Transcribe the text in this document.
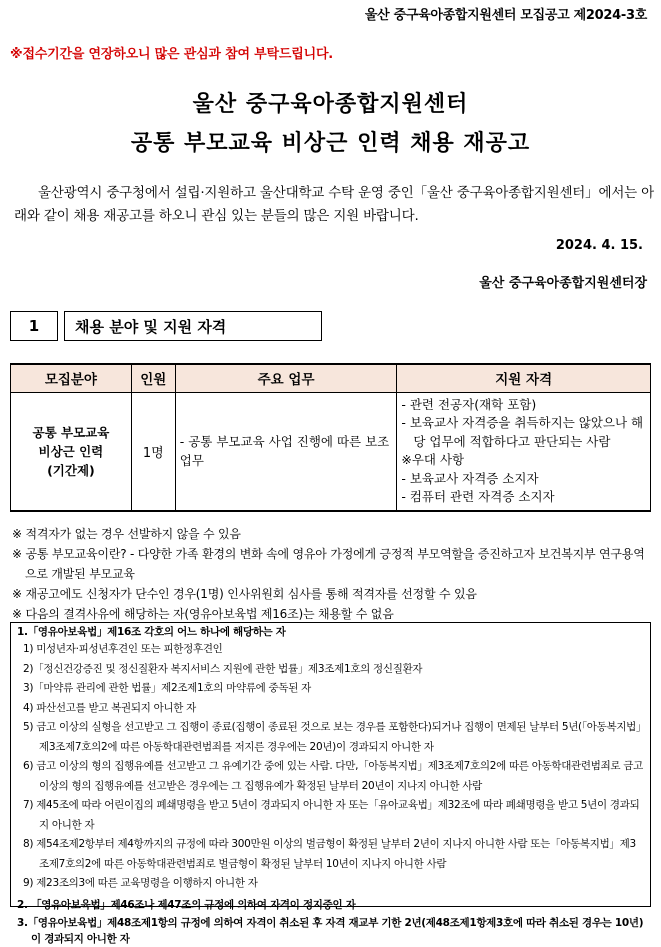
울산 중구육아종합지원센터 모집공고 제2024-3호
※접수기간을 연장하오니 많은 관심과 참여 부탁드립니다.
울산 중구육아종합지원센터
공통 부모교육 비상근 인력 채용 재공고
울산광역시 중구청에서 설립·지원하고 울산대학교 수탁 운영 중인「울산 중구육아종합지원센터」에서는 아래와 같이 채용 재공고를 하오니 관심 있는 분들의 많은 지원 바랍니다.
2024. 4. 15.
울산 중구육아종합지원센터장
1	채용 분야 및 지원 자격
모집분야	인원	주요 업무	지원 자격

공통 부모교육
비상근 인력
(기간제)	1명	- 공통 부모교육 사업 진행에 따른 보조 업무	- 관련 전공자(재학 포함)
- 보육교사 자격증을 취득하지는 않았으나 해당 업무에 적합하다고 판단되는 사람
※우대 사항
- 보육교사 자격증 소지자
- 컴퓨터 관련 자격증 소지자
※ 적격자가 없는 경우 선발하지 않을 수 있음
※ 공통 부모교육이란? - 다양한 가족 환경의 변화 속에 영유아 가정에게 긍정적 부모역할을 증진하고자 보건복지부 연구용역으로 개발된 부모교육
※ 재공고에도 신청자가 단수인 경우(1명) 인사위원회 심사를 통해 적격자를 선정할 수 있음
※ 다음의 결격사유에 해당하는 자(영유아보육법 제16조)는 채용할 수 없음
1.「영유아보육법」제16조 각호의 어느 하나에 해당하는 자
1) 미성년자·피성년후견인 또는 피한정후견인
2)「정신건강증진 및 정신질환자 복지서비스 지원에 관한 법률」제3조제1호의 정신질환자
3)「마약류 관리에 관한 법률」제2조제1호의 마약류에 중독된 자
4) 파산선고를 받고 복권되지 아니한 자
5) 금고 이상의 실형을 선고받고 그 집행이 종료(집행이 종료된 것으로 보는 경우를 포함한다)되거나 집행이 면제된 날부터 5년(「아동복지법」제3조제7호의2에 따른 아동학대관련범죄를 저지른 경우에는 20년)이 경과되지 아니한 자
6) 금고 이상의 형의 집행유예를 선고받고 그 유예기간 중에 있는 사람. 다만,「아동복지법」제3조제7호의2에 따른 아동학대관련범죄로 금고 이상의 형의 집행유예를 선고받은 경우에는 그 집행유예가 확정된 날부터 20년이 지나지 아니한 사람
7) 제45조에 따라 어린이집의 폐쇄명령을 받고 5년이 경과되지 아니한 자 또는「유아교육법」제32조에 따라 폐쇄명령을 받고 5년이 경과되지 아니한 자
8) 제54조제2항부터 제4항까지의 규정에 따라 300만원 이상의 벌금형이 확정된 날부터 2년이 지나지 아니한 사람 또는「아동복지법」제3조제7호의2에 따른 아동학대관련범죄로 벌금형이 확정된 날부터 10년이 지나지 아니한 사람
9) 제23조의3에 따른 교육명령을 이행하지 아니한 자
2. 「영유아보육법」제46조나 제47조의 규정에 의하여 자격이 정지중인 자
3.「영유아보육법」제48조제1항의 규정에 의하여 자격이 취소된 후 자격 재교부 기한 2년(제48조제1항제3호에 따라 취소된 경우는 10년)이 경과되지 아니한 자
